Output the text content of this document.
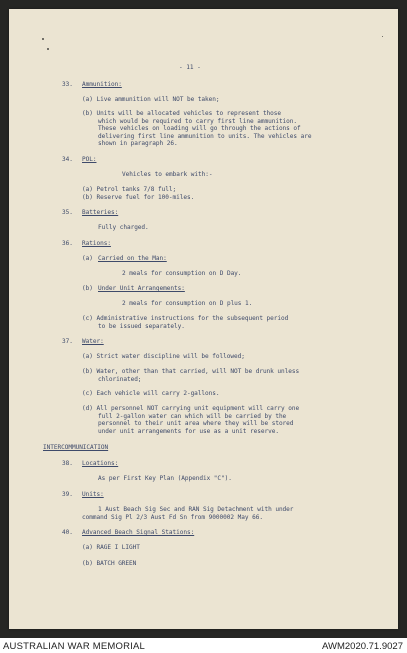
- 11 -
33. Ammunition:
(a) Live ammunition will NOT be taken;
(b) Units will be allocated vehicles to represent those
which would be required to carry first line ammunition.
These vehicles on loading will go through the actions of
delivering first line ammunition to units. The vehicles are
shown in paragraph 26.
34. POL:
Vehicles to embark with:-
(a) Petrol tanks 7/8 full;
(b) Reserve fuel for 100-miles.
35. Batteries:
Fully charged.
36. Rations:
(a) Carried on the Man:
2 meals for consumption on D Day.
(b) Under Unit Arrangements:
2 meals for consumption on D plus 1.
(c) Administrative instructions for the subsequent period
to be issued separately.
37. Water:
(a) Strict water discipline will be followed;
(b) Water, other than that carried, will NOT be drunk unless
chlorinated;
(c) Each vehicle will carry 2-gallons.
(d) All personnel NOT carrying unit equipment will carry one
full 2-gallon water can which will be carried by the
personnel to their unit area where they will be stored
under unit arrangements for use as a unit reserve.
INTERCOMMUNICATION
38. Locations:
As per First Key Plan (Appendix "C").
39. Units:
1 Aust Beach Sig Sec and RAN Sig Detachment with under
command Sig Pl 2/3 Aust Fd Sn from 9000002 May 66.
40. Advanced Beach Signal Stations:
(a) RAGE I LIGHT
(b) BATCH GREEN
AUSTRALIAN WAR MEMORIAL	AWM2020.71.9027
